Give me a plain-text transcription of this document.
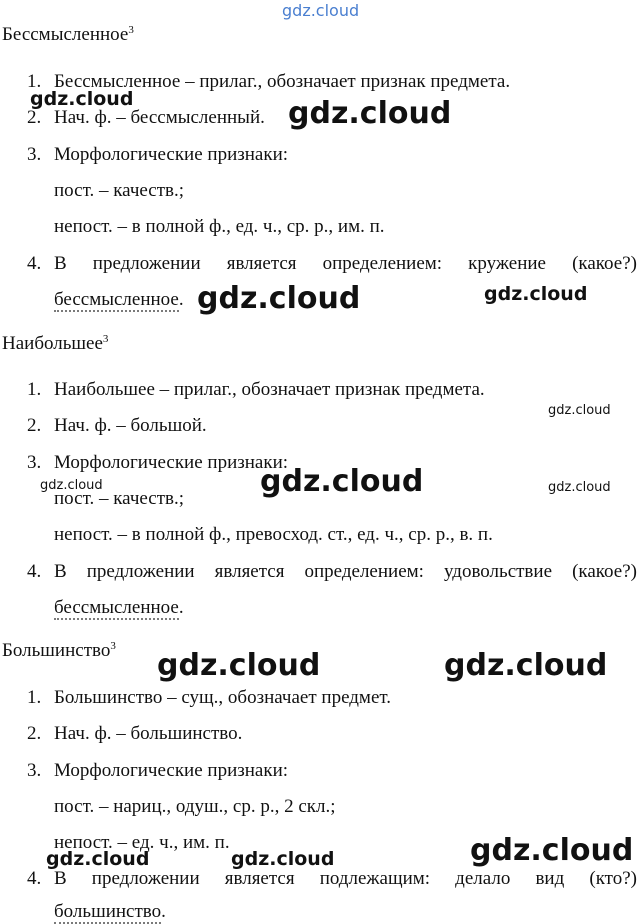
gdz.cloud
Бессмысленное$^3$
1. Бессмысленное – прилаг., обозначает признак предмета.
2. Нач. ф. – бессмысленный.
3. Морфологические признаки:
пост. – качеств.;
непост. – в полной ф., ед. ч., ср. р., им. п.
4. В предложении является определением: кружение (какое?)
бессмысленное.
Наибольшее$^3$
1. Наибольшее – прилаг., обозначает признак предмета.
2. Нач. ф. – большой.
3. Морфологические признаки:
пост. – качеств.;
непост. – в полной ф., превосход. ст., ед. ч., ср. р., в. п.
4. В предложении является определением: удовольствие (какое?)
бессмысленное.
Большинство$^3$
1. Большинство – сущ., обозначает предмет.
2. Нач. ф. – большинство.
3. Морфологические признаки:
пост. – нариц., одуш., ср. р., 2 скл.;
непост. – ед. ч., им. п.
4. В предложении является подлежащим: делало вид (кто?)
большинство.
gdz.cloud	gdz.cloud
gdz.cloud	gdz.cloud
gdz.cloud
gdz.cloud
gdz.cloud	gdz.cloud
gdz.cloud	gdz.cloud
gdz.cloud
gdz.cloud	gdz.cloud
